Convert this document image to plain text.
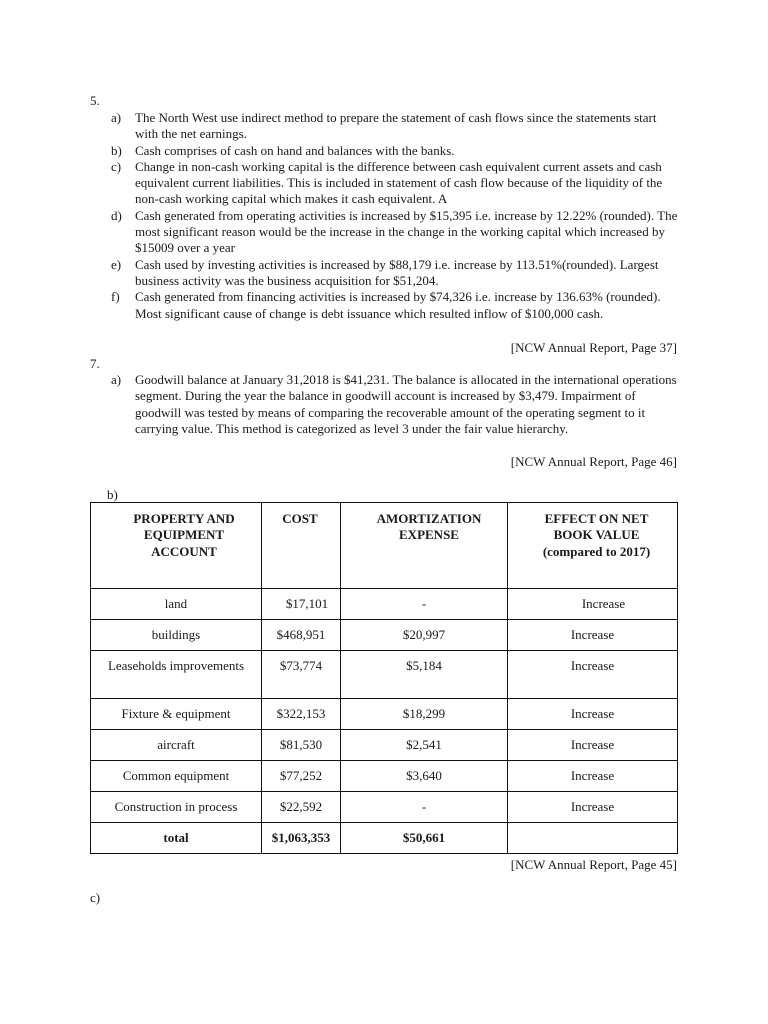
5.
a) The North West use indirect method to prepare the statement of cash flows since the statements start with the net earnings.
b) Cash comprises of cash on hand and balances with the banks.
c) Change in non-cash working capital is the difference between cash equivalent current assets and cash equivalent current liabilities. This is included in statement of cash flow because of the liquidity of the non-cash working capital which makes it cash equivalent. A
d) Cash generated from operating activities is increased by $15,395 i.e. increase by 12.22% (rounded). The most significant reason would be the increase in the change in the working capital which increased by $15009 over a year
e) Cash used by investing activities is increased by $88,179 i.e. increase by 113.51%(rounded). Largest business activity was the business acquisition for $51,204.
f) Cash generated from financing activities is increased by $74,326 i.e. increase by 136.63% (rounded). Most significant cause of change is debt issuance which resulted inflow of $100,000 cash.
[NCW Annual Report, Page 37]
7.
a) Goodwill balance at January 31,2018 is $41,231. The balance is allocated in the international operations segment. During the year the balance in goodwill account is increased by $3,479. Impairment of goodwill was tested by means of comparing the recoverable amount of the operating segment to it carrying value. This method is categorized as level 3 under the fair value hierarchy.
[NCW Annual Report, Page 46]
b)
PROPERTY AND EQUIPMENT ACCOUNT	COST	AMORTIZATION EXPENSE	EFFECT ON NET BOOK VALUE (compared to 2017)
land	$17,101	-	Increase
buildings	$468,951	$20,997	Increase
Leaseholds improvements	$73,774	$5,184	Increase
Fixture & equipment	$322,153	$18,299	Increase
aircraft	$81,530	$2,541	Increase
Common equipment	$77,252	$3,640	Increase
Construction in process	$22,592	-	Increase
total	$1,063,353	$50,661	
[NCW Annual Report, Page 45]
c)
